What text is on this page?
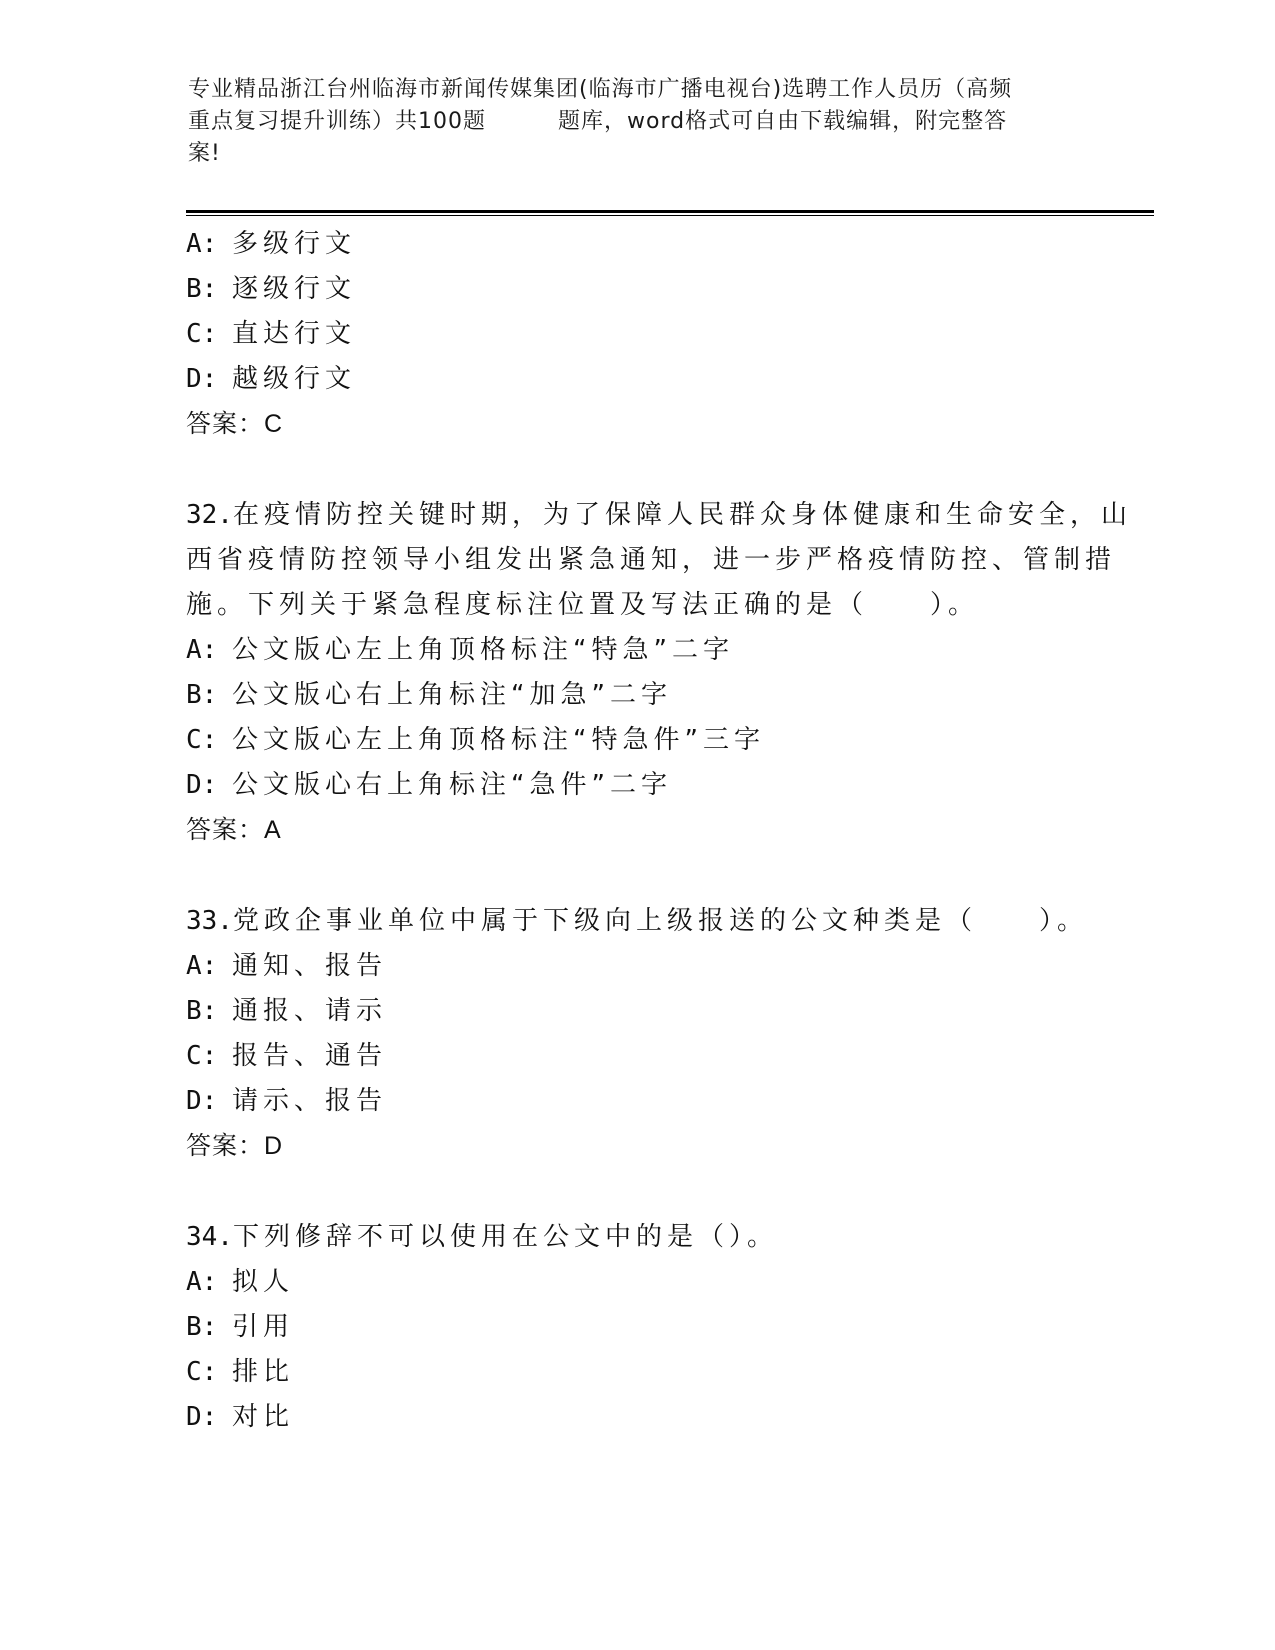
专业精品浙江台州临海市新闻传媒集团(临海市广播电视台)选聘工作人员历（高频
重点复习提升训练）共100题	题库，word格式可自由下载编辑，附完整答
案!
A: 多级行文
B: 逐级行文
C: 直达行文
D: 越级行文
答案：C
32.在疫情防控关键时期，为了保障人民群众身体健康和生命安全，山
西省疫情防控领导小组发出紧急通知，进一步严格疫情防控、管制措
施。下列关于紧急程度标注位置及写法正确的是（　　）。
A: 公文版心左上角顶格标注“特急”二字
B: 公文版心右上角标注“加急”二字
C: 公文版心左上角顶格标注“特急件”三字
D: 公文版心右上角标注“急件”二字
答案：A
33.党政企事业单位中属于下级向上级报送的公文种类是（　　）。
A: 通知、报告
B: 通报、请示
C: 报告、通告
D: 请示、报告
答案：D
34.下列修辞不可以使用在公文中的是（）。
A: 拟人
B: 引用
C: 排比
D: 对比
